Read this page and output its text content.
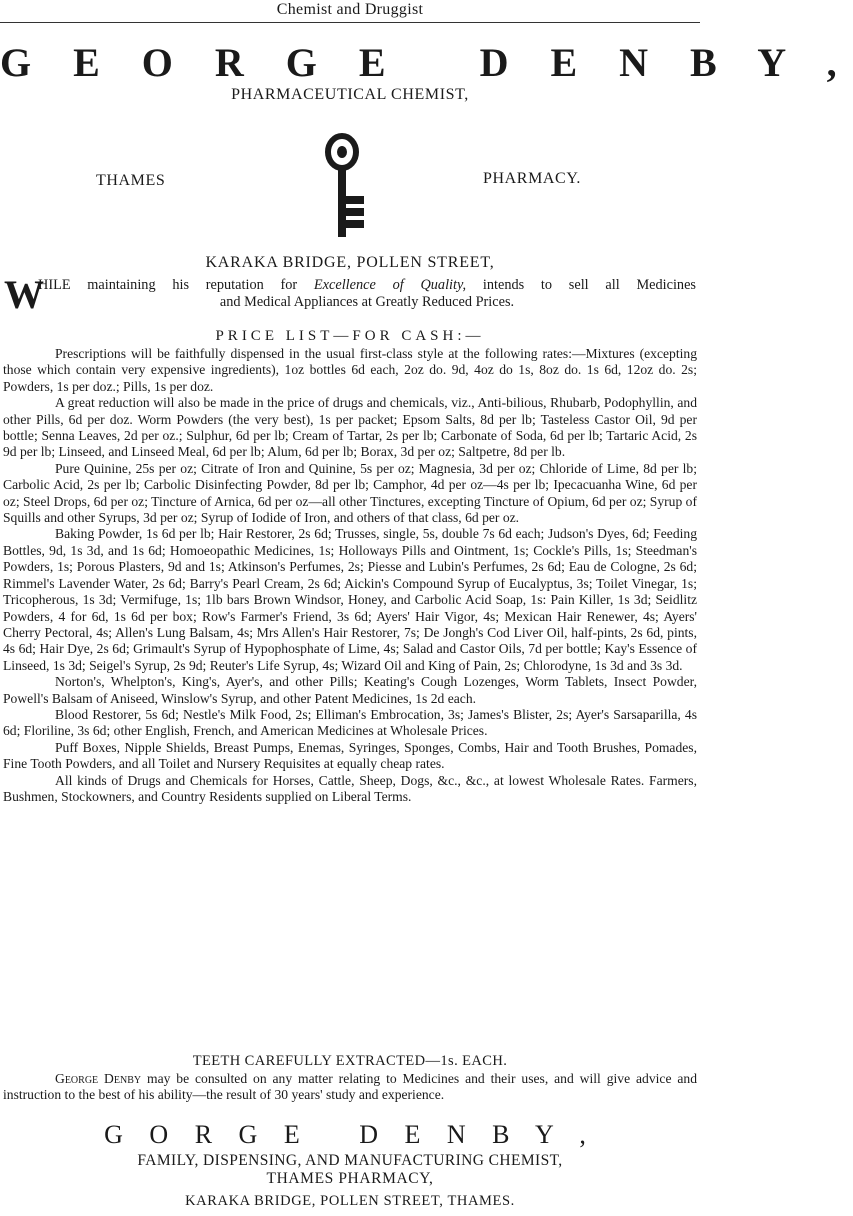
Chemist and Druggist
G E O R G E   D E N B Y ,
PHARMACEUTICAL CHEMIST,
THAMES	PHARMACY.
KARAKA BRIDGE, POLLEN STREET,
W
HILE maintaining his reputation for Excellence of Quality, intends to sell all Medicines
and Medical Appliances at Greatly Reduced Prices.
PRICE LIST—FOR CASH:—

Prescriptions will be faithfully dispensed in the usual first-class style at the following rates:—Mixtures (excepting those which contain very expensive ingredients), 1oz bottles 6d each, 2oz do. 9d, 4oz do 1s, 8oz do. 1s 6d, 12oz do. 2s; Powders, 1s per doz.; Pills, 1s per doz.

A great reduction will also be made in the price of drugs and chemicals, viz., Anti-bilious, Rhubarb, Podophyllin, and other Pills, 6d per doz. Worm Powders (the very best), 1s per packet; Epsom Salts, 8d per lb; Tasteless Castor Oil, 9d per bottle; Senna Leaves, 2d per oz.; Sulphur, 6d per lb; Cream of Tartar, 2s per lb; Carbonate of Soda, 6d per lb; Tartaric Acid, 2s 9d per lb; Linseed, and Linseed Meal, 6d per lb; Alum, 6d per lb; Borax, 3d per oz; Saltpetre, 8d per lb.

Pure Quinine, 25s per oz; Citrate of Iron and Quinine, 5s per oz; Magnesia, 3d per oz; Chloride of Lime, 8d per lb; Carbolic Acid, 2s per lb; Carbolic Disinfecting Powder, 8d per lb; Camphor, 4d per oz—4s per lb; Ipecacuanha Wine, 6d per oz; Steel Drops, 6d per oz; Tincture of Arnica, 6d per oz—all other Tinctures, excepting Tincture of Opium, 6d per oz; Syrup of Squills and other Syrups, 3d per oz; Syrup of Iodide of Iron, and others of that class, 6d per oz.

Baking Powder, 1s 6d per lb; Hair Restorer, 2s 6d; Trusses, single, 5s, double 7s 6d each; Judson's Dyes, 6d; Feeding Bottles, 9d, 1s 3d, and 1s 6d; Homoeopathic Medicines, 1s; Holloways Pills and Ointment, 1s; Cockle's Pills, 1s; Steedman's Powders, 1s; Porous Plasters, 9d and 1s; Atkinson's Perfumes, 2s; Piesse and Lubin's Perfumes, 2s 6d; Eau de Cologne, 2s 6d; Rimmel's Lavender Water, 2s 6d; Barry's Pearl Cream, 2s 6d; Aickin's Compound Syrup of Eucalyptus, 3s; Toilet Vinegar, 1s; Tricopherous, 1s 3d; Vermifuge, 1s; 1lb bars Brown Windsor, Honey, and Carbolic Acid Soap, 1s: Pain Killer, 1s 3d; Seidlitz Powders, 4 for 6d, 1s 6d per box; Row's Farmer's Friend, 3s 6d; Ayers' Hair Vigor, 4s; Mexican Hair Renewer, 4s; Ayers' Cherry Pectoral, 4s; Allen's Lung Balsam, 4s; Mrs Allen's Hair Restorer, 7s; De Jongh's Cod Liver Oil, half-pints, 2s 6d, pints, 4s 6d; Hair Dye, 2s 6d; Grimault's Syrup of Hypophosphate of Lime, 4s; Salad and Castor Oils, 7d per bottle; Kay's Essence of Linseed, 1s 3d; Seigel's Syrup, 2s 9d; Reuter's Life Syrup, 4s; Wizard Oil and King of Pain, 2s; Chlorodyne, 1s 3d and 3s 3d.

Norton's, Whelpton's, King's, Ayer's, and other Pills; Keating's Cough Lozenges, Worm Tablets, Insect Powder, Powell's Balsam of Aniseed, Winslow's Syrup, and other Patent Medicines, 1s 2d each.

Blood Restorer, 5s 6d; Nestle's Milk Food, 2s; Elliman's Embrocation, 3s; James's Blister, 2s; Ayer's Sarsaparilla, 4s 6d; Floriline, 3s 6d; other English, French, and American Medicines at Wholesale Prices.

Puff Boxes, Nipple Shields, Breast Pumps, Enemas, Syringes, Sponges, Combs, Hair and Tooth Brushes, Pomades, Fine Tooth Powders, and all Toilet and Nursery Requisites at equally cheap rates.

All kinds of Drugs and Chemicals for Horses, Cattle, Sheep, Dogs, &c., &c., at lowest Wholesale Rates. Farmers, Bushmen, Stockowners, and Country Residents supplied on Liberal Terms.

TEETH CAREFULLY EXTRACTED—1s. EACH.

George Denby may be consulted on any matter relating to Medicines and their uses, and will give advice and instruction to the best of his ability—the result of 30 years' study and experience.

G O R G E   D E N B Y ,
FAMILY, DISPENSING, AND MANUFACTURING CHEMIST,
THAMES PHARMACY,
KARAKA BRIDGE, POLLEN STREET, THAMES.
